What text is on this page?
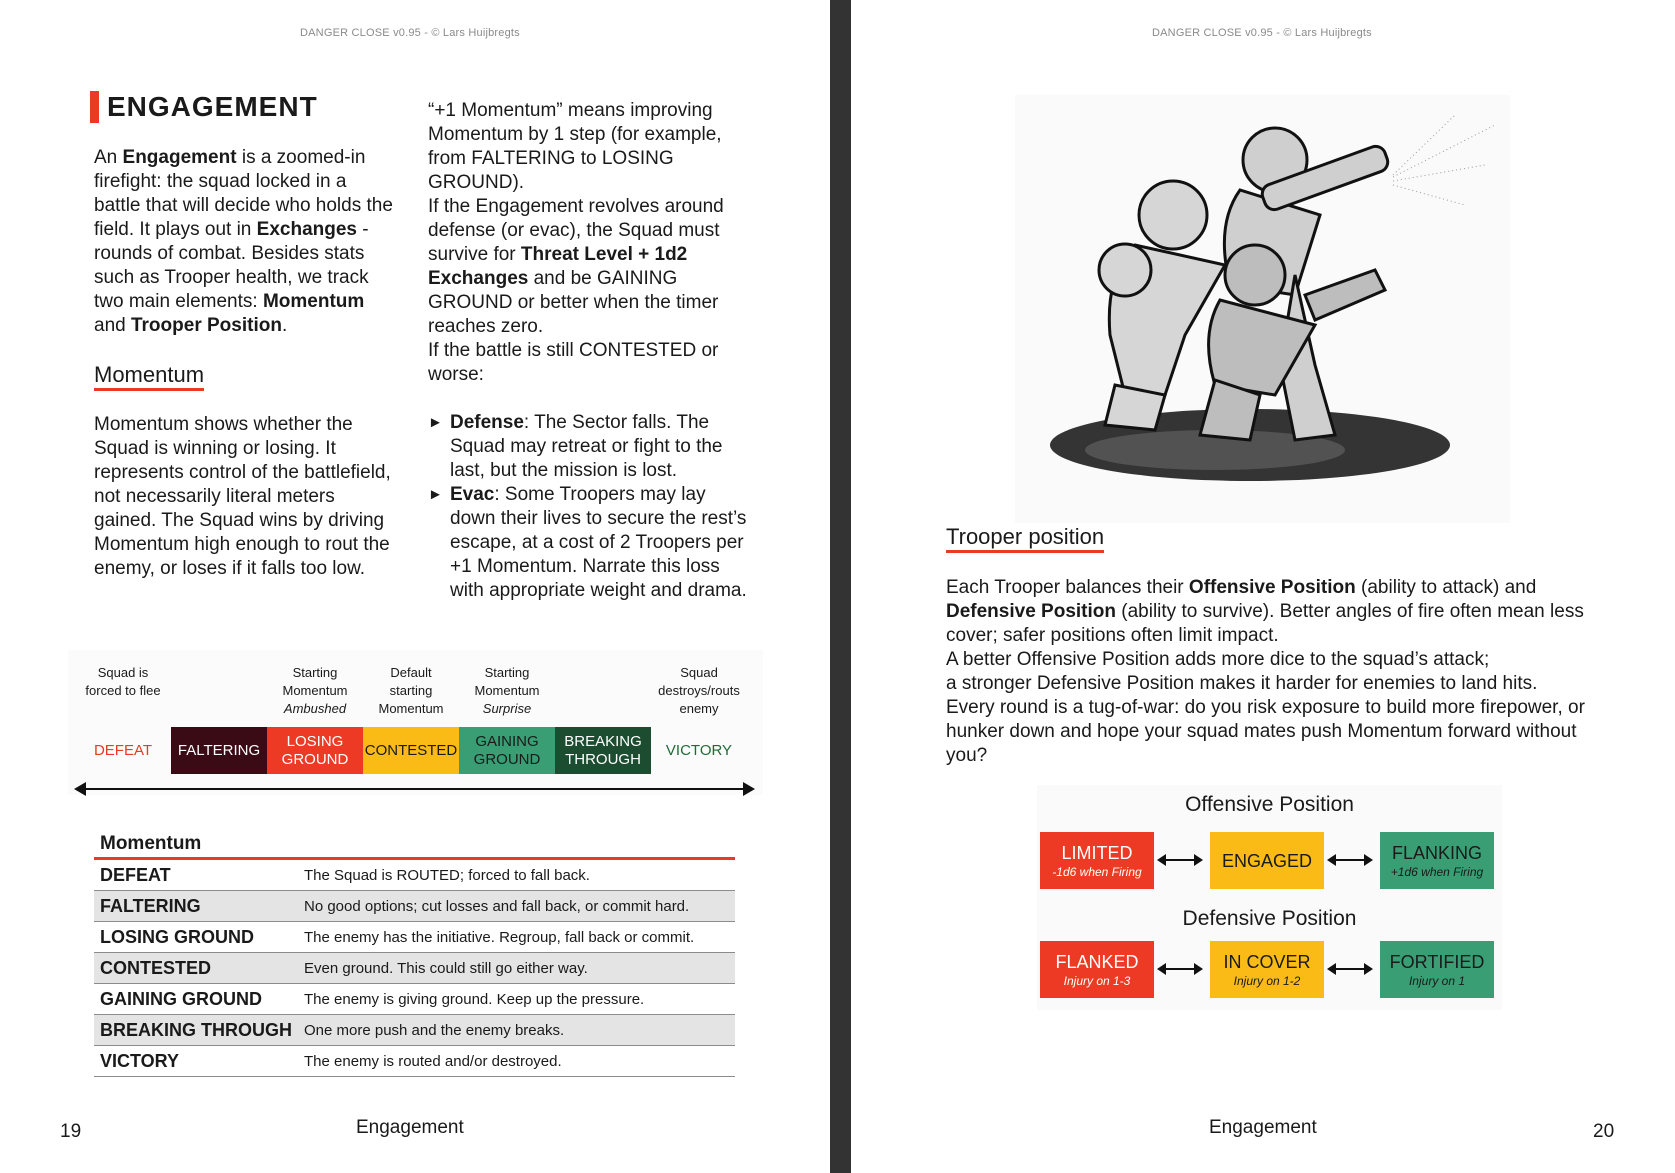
DANGER CLOSE v0.95 - © Lars Huijbregts
ENGAGEMENT

An Engagement is a zoomed-in firefight: the squad locked in a battle that will decide who holds the field. It plays out in Exchanges - rounds of combat. Besides stats such as Trooper health, we track two main elements: Momentum and Trooper Position.

Momentum

Momentum shows whether the Squad is winning or losing. It represents control of the battlefield, not necessarily literal meters gained. The Squad wins by driving Momentum high enough to rout the enemy, or loses if it falls too low.

“+1 Momentum” means improving Momentum by 1 step (for example, from FALTERING to LOSING GROUND).

If the Engagement revolves around defense (or evac), the Squad must survive for Threat Level + 1d2 Exchanges and be GAINING GROUND or better when the timer reaches zero.

If the battle is still CONTESTED or worse:

► Defense: The Sector falls. The Squad may retreat or fight to the last, but the mission is lost.
► Evac: Some Troopers may lay down their lives to secure the rest’s escape, at a cost of 2 Troopers per +1 Momentum. Narrate this loss with appropriate weight and drama.
Momentum
DEFEAT	The Squad is ROUTED; forced to fall back.
FALTERING	No good options; cut losses and fall back, or commit hard.
LOSING GROUND	The enemy has the initiative. Regroup, fall back or commit.
CONTESTED	Even ground. This could still go either way.
GAINING GROUND	The enemy is giving ground. Keep up the pressure.
BREAKING THROUGH One more push and the enemy breaks.
VICTORY	The enemy is routed and/or destroyed.
19	Engagement
Squad is
forced to flee
Starting
Momentum
Ambushed
Default
starting
Momentum
Starting
Momentum
Surprise
Squad
destroys/routs
enemy
DEFEAT FALTERING
LOSING
GROUND
CONTESTED
GAINING
GROUND
BREAKING
THROUGH
VICTORY
DANGER CLOSE v0.95 - © Lars Huijbregts
20
Engagement
Trooper position

Each Trooper balances their Offensive Position (ability to attack) and Defensive Position (ability to survive). Better angles of fire often mean less cover; safer positions often limit impact.

A better Offensive Position adds more dice to the squad’s attack;

a stronger Defensive Position makes it harder for enemies to land hits.

Every round is a tug-of-war: do you risk exposure to build more firepower, or hunker down and hope your squad mates push Momentum forward without you?

Offensive Position
Defensive Position
LIMITED
-1d6 when Firing
ENGAGED	FLANKING
+1d6 when Firing
FLANKED
Injury on 1-3
IN COVER
Injury on 1-2
FORTIFIED
Injury on 1
